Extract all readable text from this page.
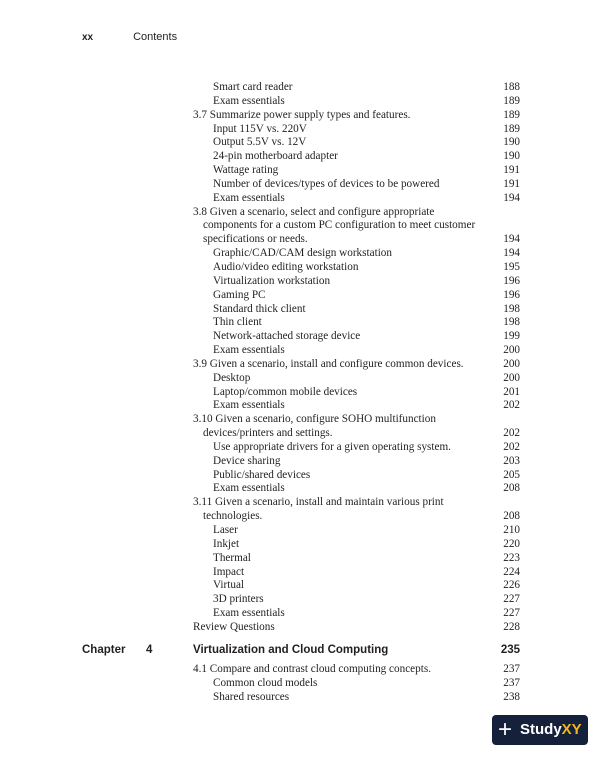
xx	Contents
Smart card reader	188
Exam essentials	189
3.7 Summarize power supply types and features.	189
Input 115V vs. 220V	189
Output 5.5V vs. 12V	190
24-pin motherboard adapter	190
Wattage rating	191
Number of devices/types of devices to be powered	191
Exam essentials	194
3.8 Given a scenario, select and configure appropriate components for a custom PC configuration to meet customer specifications or needs.	194
Graphic/CAD/CAM design workstation	194
Audio/video editing workstation	195
Virtualization workstation	196
Gaming PC	196
Standard thick client	198
Thin client	198
Network-attached storage device	199
Exam essentials	200
3.9 Given a scenario, install and configure common devices.	200
Desktop	200
Laptop/common mobile devices	201
Exam essentials	202
3.10 Given a scenario, configure SOHO multifunction devices/printers and settings.	202
Use appropriate drivers for a given operating system.	202
Device sharing	203
Public/shared devices	205
Exam essentials	208
3.11 Given a scenario, install and maintain various print technologies.	208
Laser	210
Inkjet	220
Thermal	223
Impact	224
Virtual	226
3D printers	227
Exam essentials	227
Review Questions	228
Chapter 4	Virtualization and Cloud Computing	235
4.1 Compare and contrast cloud computing concepts.	237
Common cloud models	237
Shared resources	238
+ StudyXY
